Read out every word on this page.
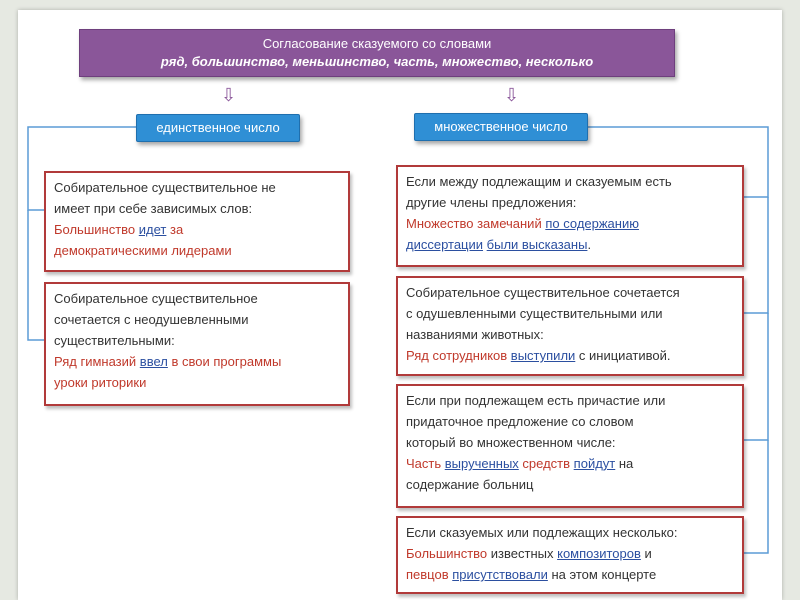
Согласование сказуемого со словами
ряд, большинство, меньшинство, часть, множество, несколько
⇩	⇩
единственное число	множественное число

Собирательное существительное не

имеет при себе зависимых слов:

Большинство идет за

демократическими лидерами

Собирательное существительное

сочетается с неодушевленными

существительными:

Ряд гимназий ввел в свои программы

уроки риторики

Если между подлежащим и сказуемым есть

другие члены предложения:

Множество замечаний по содержанию

диссертации были высказаны.

Собирательное существительное сочетается

с одушевленными существительными или

названиями животных:

Ряд сотрудников выступили с инициативой.

Если при подлежащем есть причастие или

придаточное предложение со словом

который во множественном числе:

Часть вырученных средств пойдут на

содержание больниц

Если сказуемых или подлежащих несколько:

Большинство известных композиторов и

певцов присутствовали на этом концерте
